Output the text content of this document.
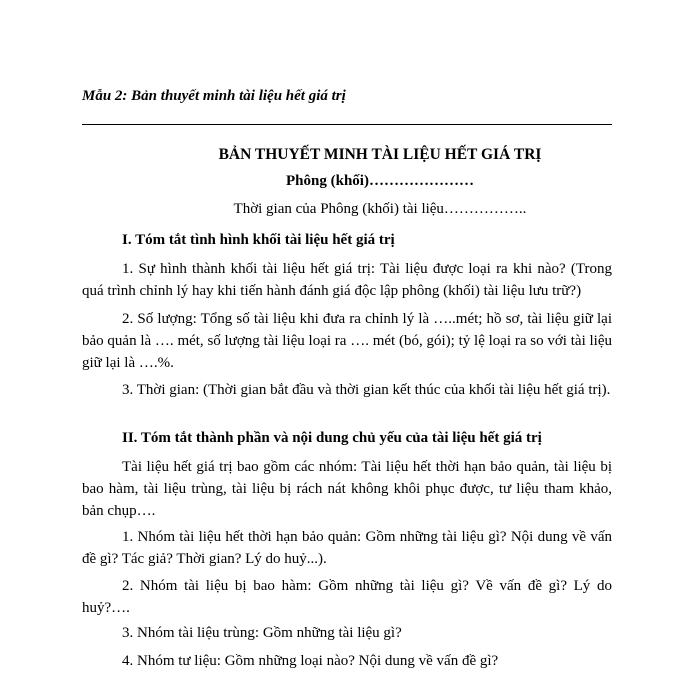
Mẫu 2: Bản thuyết minh tài liệu hết giá trị
BẢN THUYẾT MINH TÀI LIỆU HẾT GIÁ TRỊ
Phông (khối)…………………
Thời gian của Phông (khối) tài liệu……………..
I. Tóm tắt tình hình khối tài liệu hết giá trị
1. Sự hình thành khối tài liệu hết giá trị: Tài liệu được loại ra khi nào? (Trong quá trình chỉnh lý hay khi tiến hành đánh giá độc lập phông (khối) tài liệu lưu trữ?)
2. Số lượng: Tổng số tài liệu khi đưa ra chỉnh lý là …..mét; hồ sơ, tài liệu giữ lại bảo quản là …. mét, số lượng tài liệu loại ra …. mét (bó, gói); tỷ lệ loại ra so với tài liệu giữ lại là ….%.
3. Thời gian: (Thời gian bắt đầu và thời gian kết thúc của khối tài liệu hết giá trị).
II. Tóm tắt thành phần và nội dung chủ yếu của tài liệu hết giá trị
Tài liệu hết giá trị bao gồm các nhóm: Tài liệu hết thời hạn bảo quản, tài liệu bị bao hàm, tài liệu trùng, tài liệu bị rách nát không khôi phục được, tư liệu tham khảo, bản chụp….
1. Nhóm tài liệu hết thời hạn bảo quản: Gồm những tài liệu gì? Nội dung về vấn đề gì? Tác giả? Thời gian? Lý do huỷ...).
2. Nhóm tài liệu bị bao hàm: Gồm những tài liệu gì? Về vấn đề gì? Lý do huỷ?….
3. Nhóm tài liệu trùng: Gồm những tài liệu gì?
4. Nhóm tư liệu: Gồm những loại nào? Nội dung về vấn đề gì?
